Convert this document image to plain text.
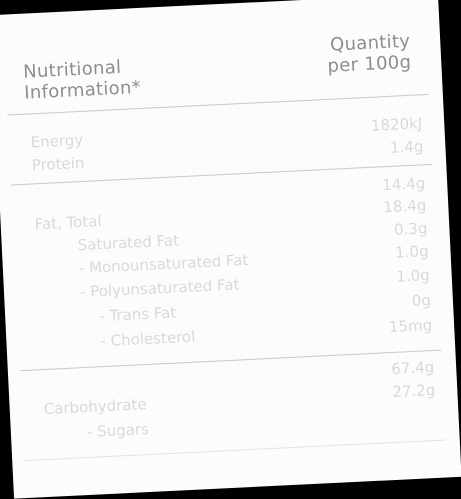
Nutritional
Information*
Quantity
per 100g
Energy
1820kJ
Protein
1.4g
14.4g
Fat, Total
18.4g
Saturated Fat
0.3g
- Monounsaturated Fat	1.0g
- Polyunsaturated Fat	1.0g
- Trans Fat
0g
- Cholesterol
15mg
67.4g
Carbohydrate
27.2g
- Sugars
